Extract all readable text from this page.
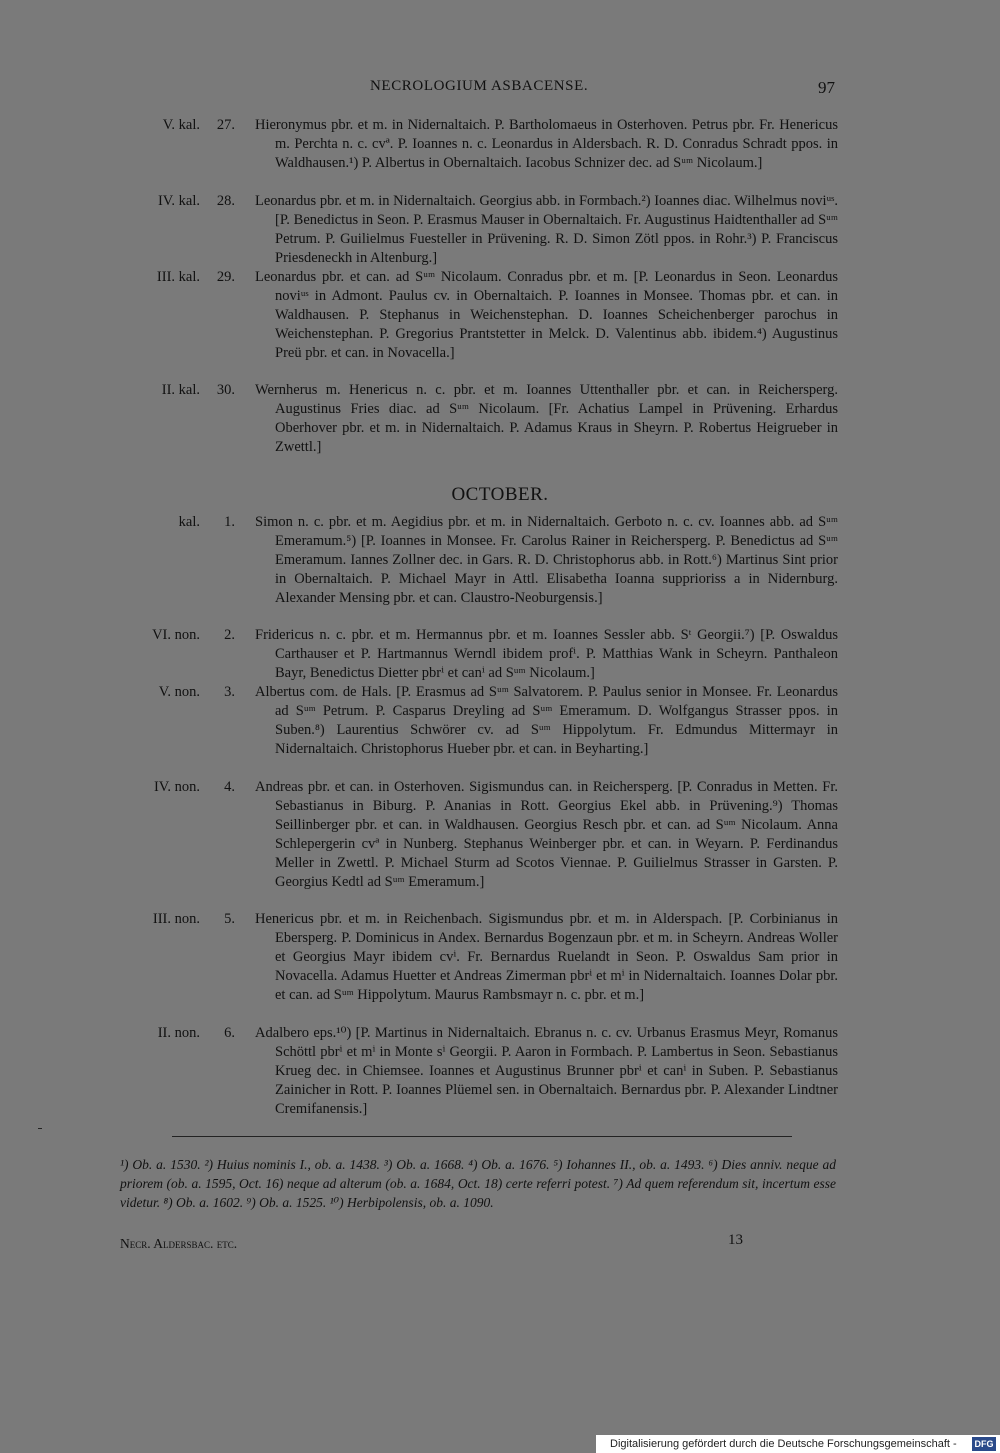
NECROLOGIUM ASBACENSE.	97
V. kal.	27. Hieronymus pbr. et m. in Nidernaltaich. P. Bartholomaeus in Osterhoven. Petrus pbr. Fr. Henericus m. Perchta n. c. cvª. P. Ioannes n. c. Leonardus in Aldersbach. R. D. Conradus Schradt ppos. in Waldhausen.¹) P. Albertus in Obernaltaich. Iacobus Schnizer dec. ad Sᵘᵐ Nicolaum.]
IV. kal.	28. Leonardus pbr. et m. in Nidernaltaich. Georgius abb. in Formbach.²) Ioannes diac. Wilhelmus noviᵘˢ. [P. Benedictus in Seon. P. Erasmus Mauser in Obernaltaich. Fr. Augustinus Haidtenthaller ad Sᵘᵐ Petrum. P. Guilielmus Fuesteller in Prüvening. R. D. Simon Zötl ppos. in Rohr.³) P. Franciscus Priesdeneckh in Altenburg.]
III. kal.	29. Leonardus pbr. et can. ad Sᵘᵐ Nicolaum. Conradus pbr. et m. [P. Leonardus in Seon. Leonardus noviᵘˢ in Admont. Paulus cv. in Obernaltaich. P. Ioannes in Monsee. Thomas pbr. et can. in Waldhausen. P. Stephanus in Weichenstephan. D. Ioannes Scheichenberger parochus in Weichenstephan. P. Gregorius Prantstetter in Melck. D. Valentinus abb. ibidem.⁴) Augustinus Preü pbr. et can. in Novacella.]
II. kal.	30. Wernherus m. Henericus n. c. pbr. et m. Ioannes Uttenthaller pbr. et can. in Reichersperg. Augustinus Fries diac. ad Sᵘᵐ Nicolaum. [Fr. Achatius Lampel in Prüvening. Erhardus Oberhover pbr. et m. in Nidernaltaich. P. Adamus Kraus in Sheyrn. P. Robertus Heigrueber in Zwettl.]
OCTOBER.
kal.	1. Simon n. c. pbr. et m. Aegidius pbr. et m. in Nidernaltaich. Gerboto n. c. cv. Ioannes abb. ad Sᵘᵐ Emeramum.⁵) [P. Ioannes in Monsee. Fr. Carolus Rainer in Reichersperg. P. Benedictus ad Sᵘᵐ Emeramum. Iannes Zollner dec. in Gars. R. D. Christophorus abb. in Rott.⁶) Martinus Sint prior in Obernaltaich. P. Michael Mayr in Attl. Elisabetha Ioanna supprioriss a in Nidernburg. Alexander Mensing pbr. et can. Claustro-Neoburgensis.]
VI. non.	2. Fridericus n. c. pbr. et m. Hermannus pbr. et m. Ioannes Sessler abb. Sᵗ Georgii.⁷) [P. Oswaldus Carthauser et P. Hartmannus Werndl ibidem profⁱ. P. Matthias Wank in Scheyrn. Panthaleon Bayr, Benedictus Dietter pbrⁱ et canⁱ ad Sᵘᵐ Nicolaum.]
V. non.	3. Albertus com. de Hals. [P. Erasmus ad Sᵘᵐ Salvatorem. P. Paulus senior in Monsee. Fr. Leonardus ad Sᵘᵐ Petrum. P. Casparus Dreyling ad Sᵘᵐ Emeramum. D. Wolfgangus Strasser ppos. in Suben.⁸) Laurentius Schwörer cv. ad Sᵘᵐ Hippolytum. Fr. Edmundus Mittermayr in Nidernaltaich. Christophorus Hueber pbr. et can. in Beyharting.]
IV. non.	4. Andreas pbr. et can. in Osterhoven. Sigismundus can. in Reichersperg. [P. Conradus in Metten. Fr. Sebastianus in Biburg. P. Ananias in Rott. Georgius Ekel abb. in Prüvening.⁹) Thomas Seillinberger pbr. et can. in Waldhausen. Georgius Resch pbr. et can. ad Sᵘᵐ Nicolaum. Anna Schlepergerin cvª in Nunberg. Stephanus Weinberger pbr. et can. in Weyarn. P. Ferdinandus Meller in Zwettl. P. Michael Sturm ad Scotos Viennae. P. Guilielmus Strasser in Garsten. P. Georgius Kedtl ad Sᵘᵐ Emeramum.]
III. non.	5. Henericus pbr. et m. in Reichenbach. Sigismundus pbr. et m. in Alderspach. [P. Corbinianus in Ebersperg. P. Dominicus in Andex. Bernardus Bogenzaun pbr. et m. in Scheyrn. Andreas Woller et Georgius Mayr ibidem cvⁱ. Fr. Bernardus Ruelandt in Seon. P. Oswaldus Sam prior in Novacella. Adamus Huetter et Andreas Zimerman pbrⁱ et mⁱ in Nidernaltaich. Ioannes Dolar pbr. et can. ad Sᵘᵐ Hippolytum. Maurus Rambsmayr n. c. pbr. et m.]
II. non.	6. Adalbero eps.¹⁰) [P. Martinus in Nidernaltaich. Ebranus n. c. cv. Urbanus Erasmus Meyr, Romanus Schöttl pbrⁱ et mⁱ in Monte sⁱ Georgii. P. Aaron in Formbach. P. Lambertus in Seon. Sebastianus Krueg dec. in Chiemsee. Ioannes et Augustinus Brunner pbrⁱ et canⁱ in Suben. P. Sebastianus Zainicher in Rott. P. Ioannes Plüemel sen. in Obernaltaich. Bernardus pbr. P. Alexander Lindtner Cremifanensis.]
¹) Ob. a. 1530. ²) Huius nominis I., ob. a. 1438. ³) Ob. a. 1668. ⁴) Ob. a. 1676. ⁵) Iohannes II., ob. a. 1493. ⁶) Dies anniv. neque ad priorem (ob. a. 1595, Oct. 16) neque ad alterum (ob. a. 1684, Oct. 18) certe referri potest. ⁷) Ad quem referendum sit, incertum esse videtur. ⁸) Ob. a. 1602. ⁹) Ob. a. 1525. ¹⁰) Herbipolensis, ob. a. 1090.
Necr. Aldersbac. etc.	13
Digitalisierung gefördert durch die Deutsche Forschungsgemeinschaft - DFG
